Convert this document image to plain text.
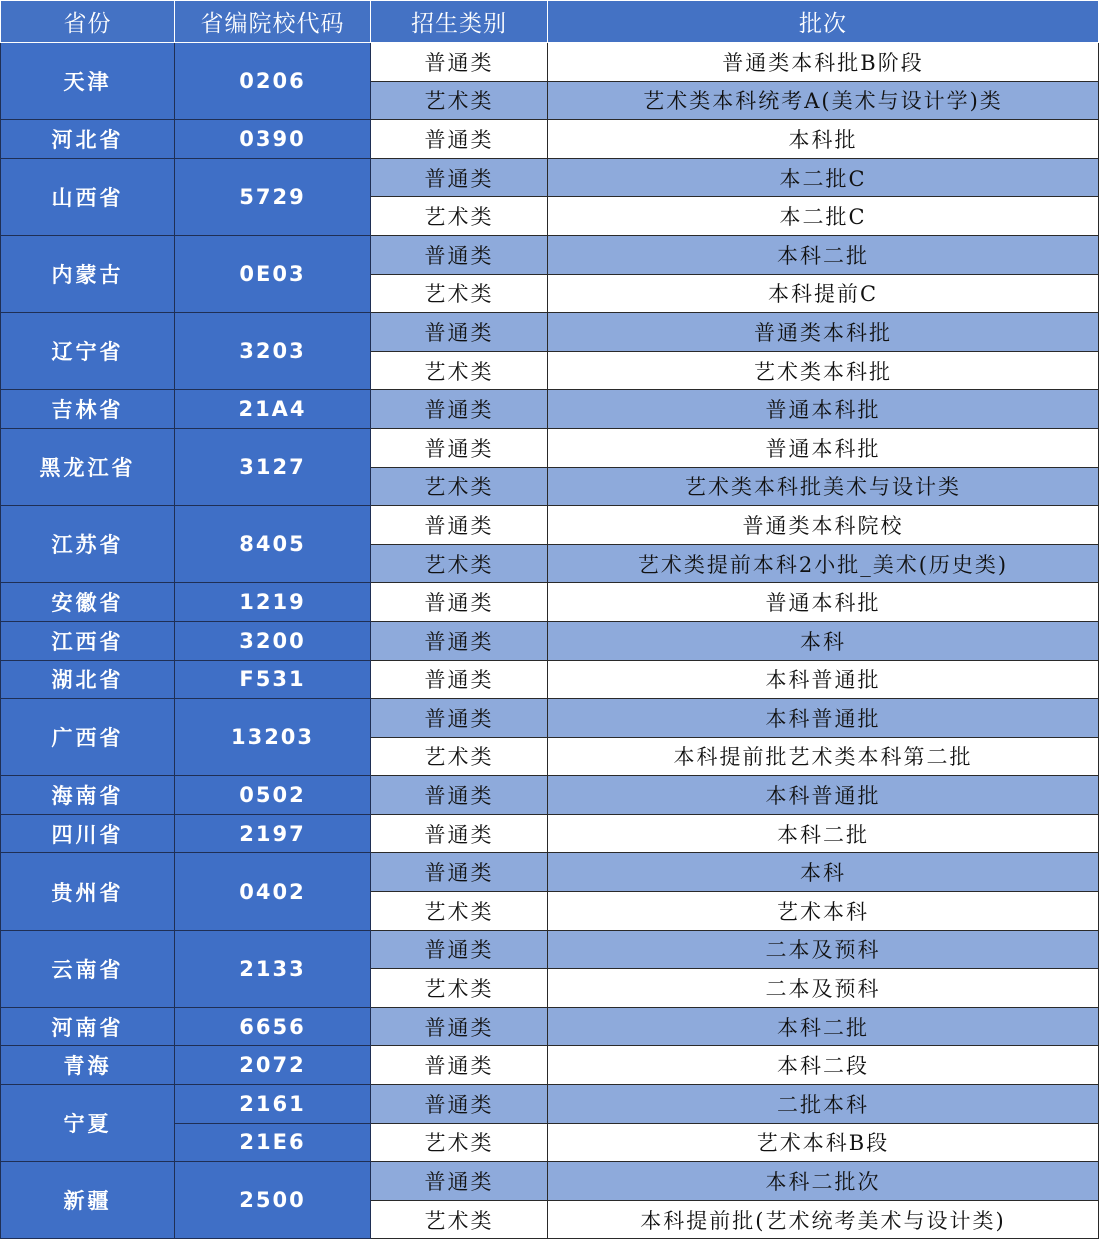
省份	省编院校代码	招生类别	批次
天津	0206	普通类	普通类本科批B阶段
		艺术类	艺术类本科统考A(美术与设计学)类
河北省	0390	普通类	本科批
山西省	5729	普通类	本二批C
		艺术类	本二批C
内蒙古	0E03	普通类	本科二批
		艺术类	本科提前C
辽宁省	3203	普通类	普通类本科批
		艺术类	艺术类本科批
吉林省	21A4	普通类	普通本科批
黑龙江省	3127	普通类	普通本科批
		艺术类	艺术类本科批美术与设计类
江苏省	8405	普通类	普通类本科院校
		艺术类	艺术类提前本科2小批_美术(历史类)
安徽省	1219	普通类	普通本科批
江西省	3200	普通类	本科
湖北省	F531	普通类	本科普通批
广西省	13203	普通类	本科普通批
		艺术类	本科提前批艺术类本科第二批
海南省	0502	普通类	本科普通批
四川省	2197	普通类	本科二批
贵州省	0402	普通类	本科
		艺术类	艺术本科
云南省	2133	普通类	二本及预科
		艺术类	二本及预科
河南省	6656	普通类	本科二批
青海	2072	普通类	本科二段
宁夏	2161	普通类	二批本科
	21E6	艺术类	艺术本科B段
新疆	2500	普通类	本科二批次
		艺术类	本科提前批(艺术统考美术与设计类)
